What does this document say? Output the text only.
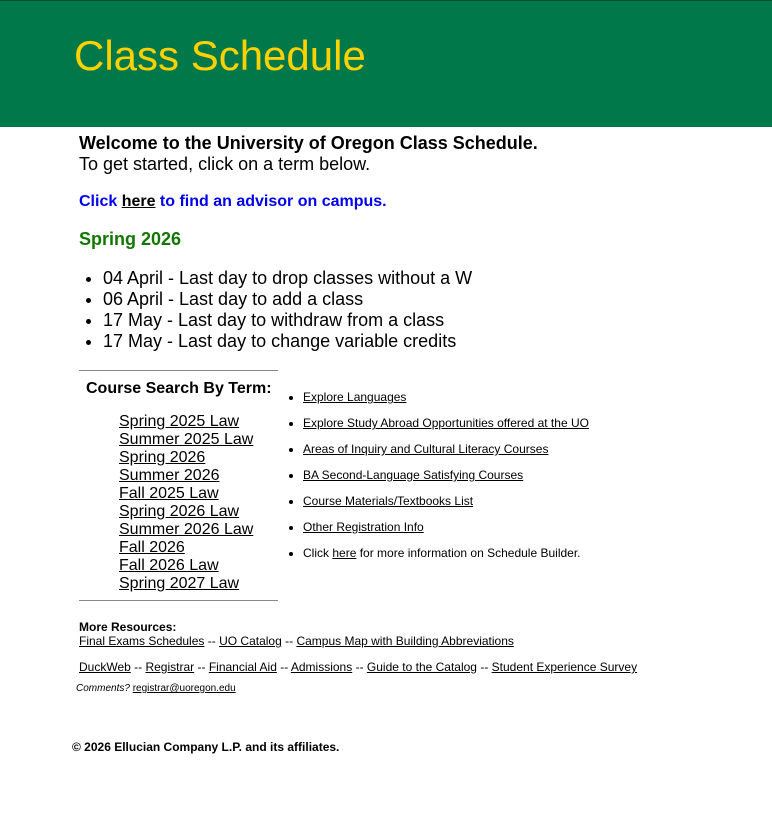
Class Schedule
Welcome to the University of Oregon Class Schedule.
To get started, click on a term below.
Click here to find an advisor on campus.
Spring 2026
• 04 April - Last day to drop classes without a W
• 06 April - Last day to add a class
• 17 May - Last day to withdraw from a class
• 17 May - Last day to change variable credits
Course Search By Term:
Spring 2025 Law
Summer 2025 Law
Spring 2026
Summer 2026
Fall 2025 Law
Spring 2026 Law
Summer 2026 Law
Fall 2026
Fall 2026 Law
Spring 2027 Law
• Explore Languages
• Explore Study Abroad Opportunities offered at the UO
• Areas of Inquiry and Cultural Literacy Courses
• BA Second-Language Satisfying Courses
• Course Materials/Textbooks List
• Other Registration Info
• Click here for more information on Schedule Builder.
More Resources:
Final Exams Schedules -- UO Catalog -- Campus Map with Building Abbreviations
DuckWeb -- Registrar -- Financial Aid -- Admissions -- Guide to the Catalog -- Student Experience Survey
Comments? registrar@uoregon.edu
© 2026 Ellucian Company L.P. and its affiliates.
